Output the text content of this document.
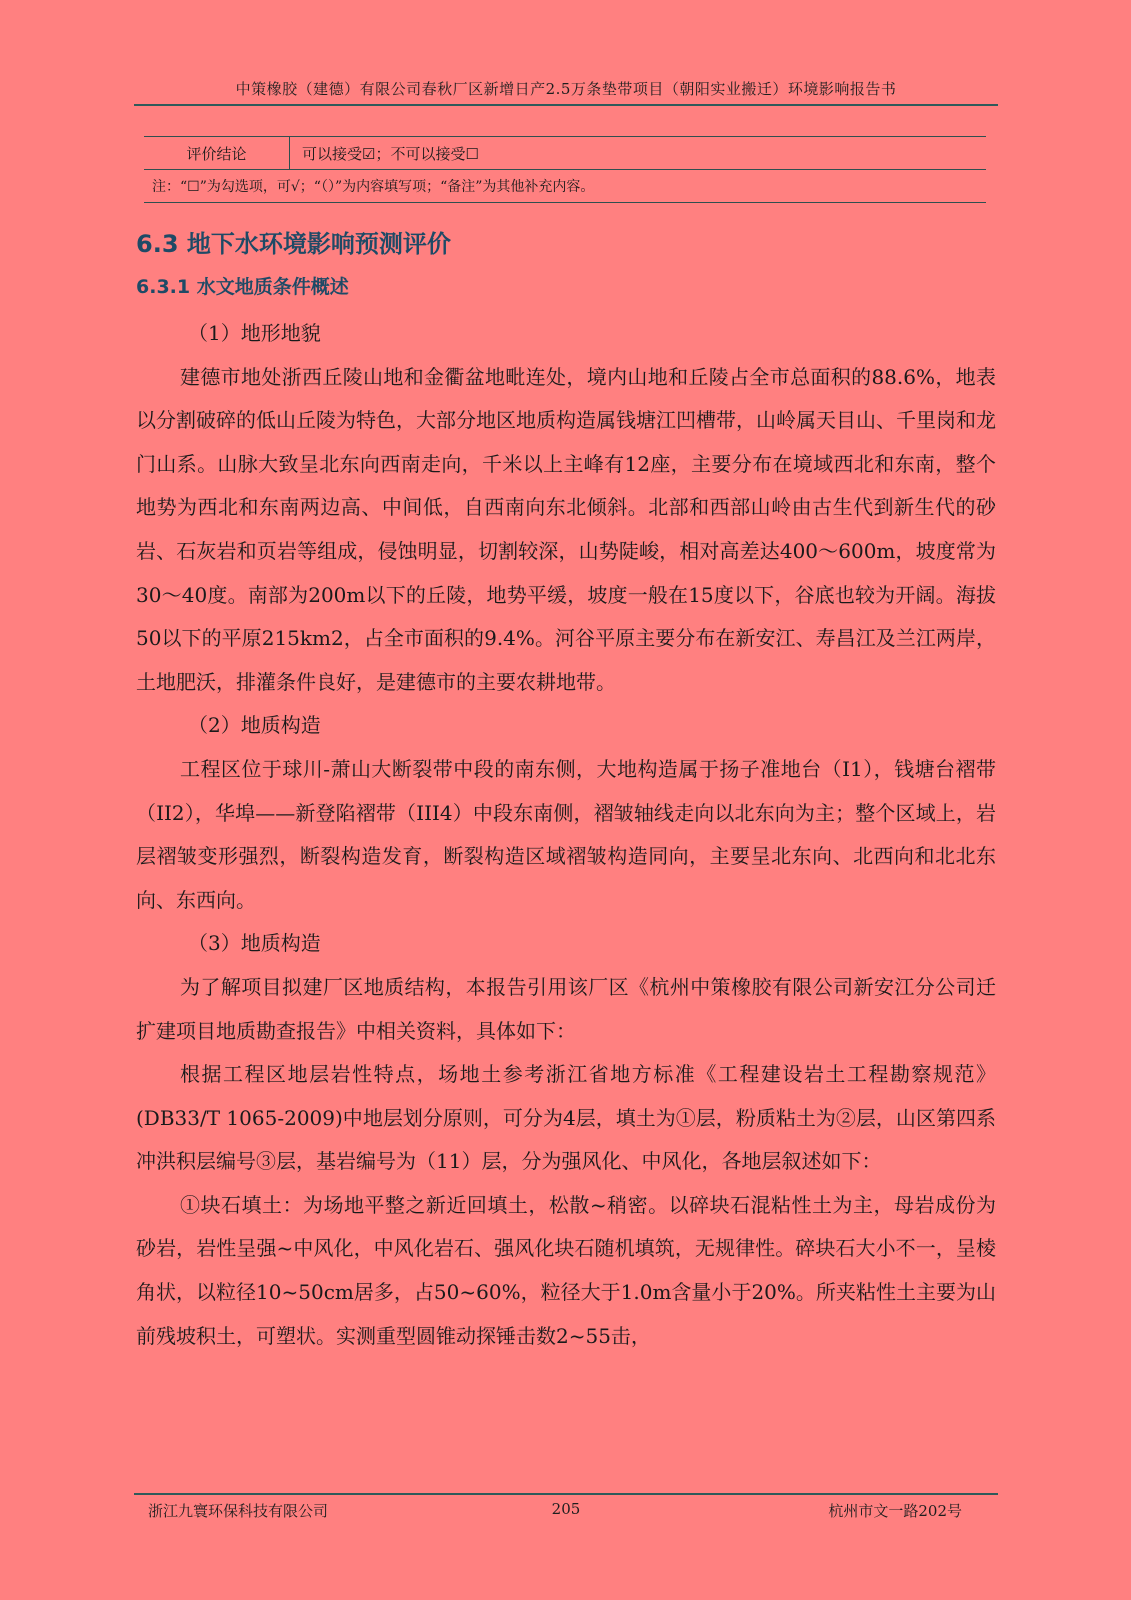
中策橡胶（建德）有限公司春秋厂区新增日产2.5万条垫带项目（朝阳实业搬迁）环境影响报告书
评价结论	可以接受☑；不可以接受☐
注：“☐”为勾选项，可√；“（）”为内容填写项；“备注”为其他补充内容。
6.3 地下水环境影响预测评价
6.3.1 水文地质条件概述

（1）地形地貌

建德市地处浙西丘陵山地和金衢盆地毗连处，境内山地和丘陵占全市总面积的88.6%，地表以分割破碎的低山丘陵为特色，大部分地区地质构造属钱塘江凹槽带，山岭属天目山、千里岗和龙门山系。山脉大致呈北东向西南走向，千米以上主峰有12座，主要分布在境域西北和东南，整个地势为西北和东南两边高、中间低，自西南向东北倾斜。北部和西部山岭由古生代到新生代的砂岩、石灰岩和页岩等组成，侵蚀明显，切割较深，山势陡峻，相对高差达400～600m，坡度常为30～40度。南部为200m以下的丘陵，地势平缓，坡度一般在15度以下，谷底也较为开阔。海拔50以下的平原215km2，占全市面积的9.4%。河谷平原主要分布在新安江、寿昌江及兰江两岸，土地肥沃，排灌条件良好，是建德市的主要农耕地带。

（2）地质构造

工程区位于球川-萧山大断裂带中段的南东侧，大地构造属于扬子准地台（I1），钱塘台褶带（II2），华埠——新登陷褶带（III4）中段东南侧，褶皱轴线走向以北东向为主；整个区域上，岩层褶皱变形强烈，断裂构造发育，断裂构造区域褶皱构造同向，主要呈北东向、北西向和北北东向、东西向。

（3）地质构造

为了解项目拟建厂区地质结构，本报告引用该厂区《杭州中策橡胶有限公司新安江分公司迁扩建项目地质勘查报告》中相关资料，具体如下：

根据工程区地层岩性特点，场地土参考浙江省地方标准《工程建设岩土工程勘察规范》(DB33/T 1065-2009)中地层划分原则，可分为4层，填土为①层，粉质粘土为②层，山区第四系冲洪积层编号③层，基岩编号为（11）层，分为强风化、中风化，各地层叙述如下：

①块石填土：为场地平整之新近回填土，松散~稍密。以碎块石混粘性土为主，母岩成份为砂岩，岩性呈强~中风化，中风化岩石、强风化块石随机填筑，无规律性。碎块石大小不一，呈棱角状，以粒径10~50cm居多，占50~60%，粒径大于1.0m含量小于20%。所夹粘性土主要为山前残坡积土，可塑状。实测重型圆锥动探锤击数2~55击，

浙江九寰环保科技有限公司	205	杭州市文一路202号
